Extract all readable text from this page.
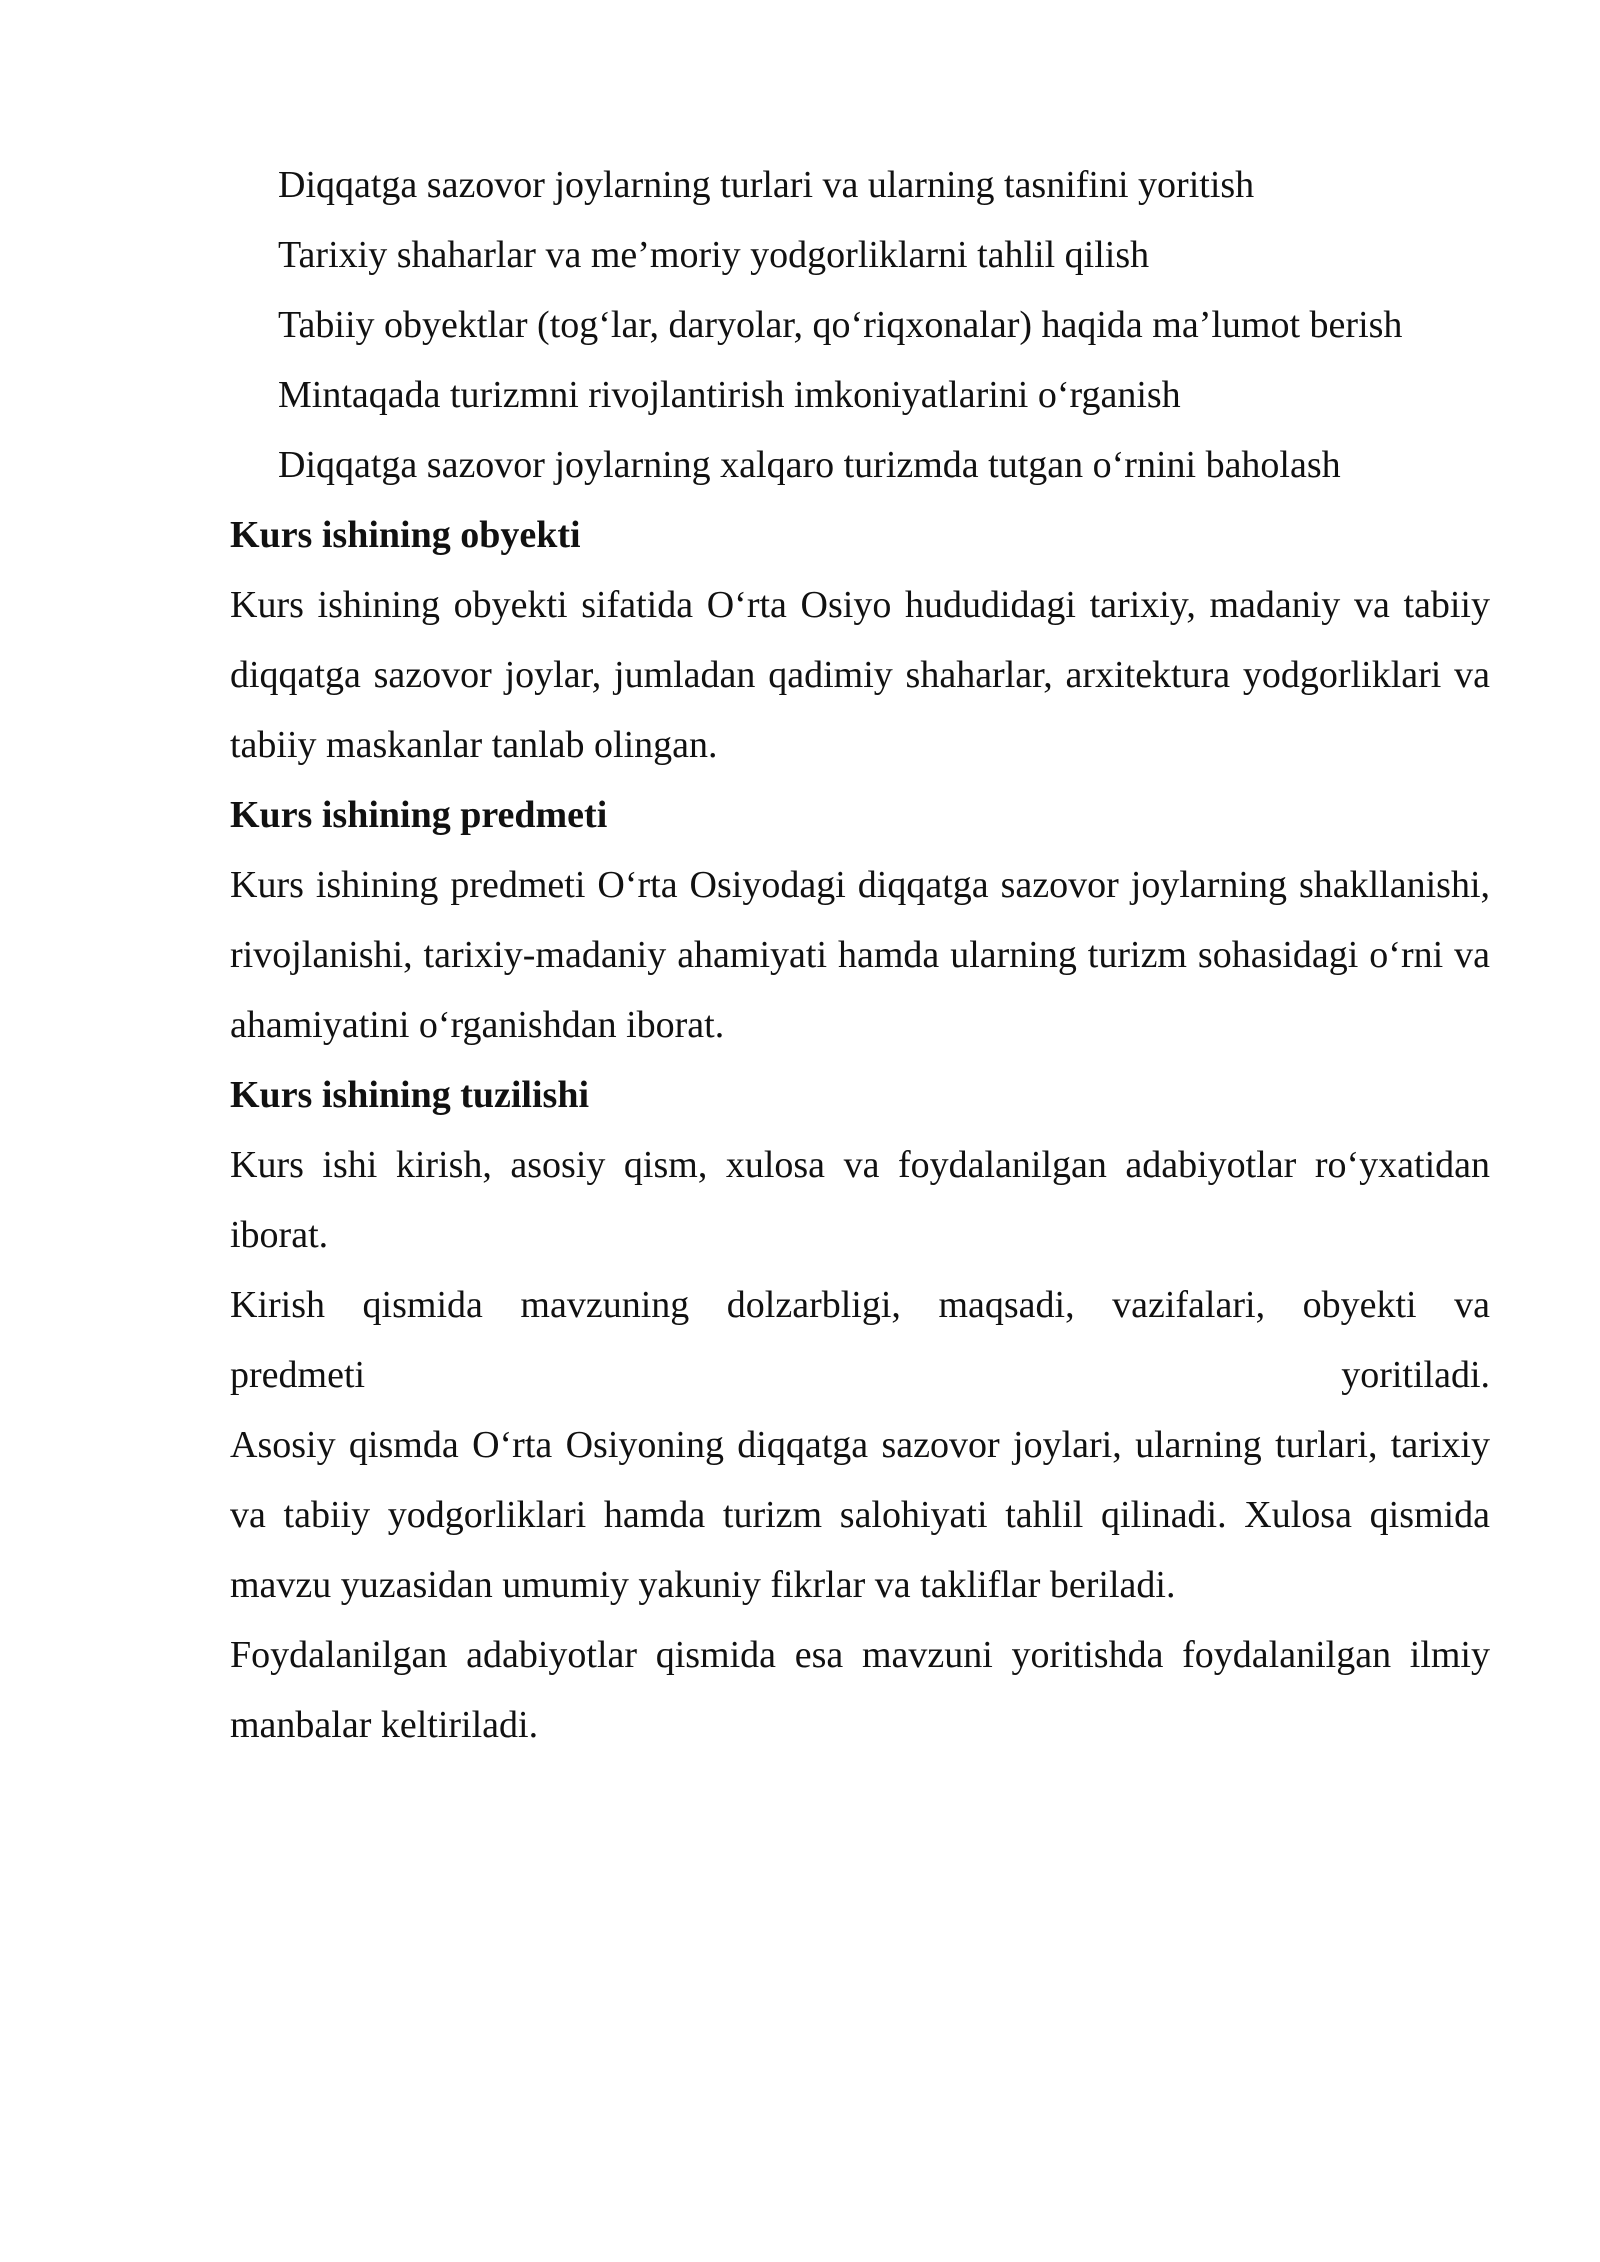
Diqqatga sazovor joylarning turlari va ularning tasnifini yoritish
Tarixiy shaharlar va me’moriy yodgorliklarni tahlil qilish
Tabiiy obyektlar (tog‘lar, daryolar, qo‘riqxonalar) haqida ma’lumot berish
Mintaqada turizmni rivojlantirish imkoniyatlarini o‘rganish
Diqqatga sazovor joylarning xalqaro turizmda tutgan o‘rnini baholash

Kurs ishining obyekti

Kurs ishining obyekti sifatida O‘rta Osiyo hududidagi tarixiy, madaniy va tabiiy diqqatga sazovor joylar, jumladan qadimiy shaharlar, arxitektura yodgorliklari va tabiiy maskanlar tanlab olingan.

Kurs ishining predmeti

Kurs ishining predmeti O‘rta Osiyodagi diqqatga sazovor joylarning shakllanishi, rivojlanishi, tarixiy-madaniy ahamiyati hamda ularning turizm sohasidagi o‘rni va ahamiyatini o‘rganishdan iborat.

Kurs ishining tuzilishi

Kurs ishi kirish, asosiy qism, xulosa va foydalanilgan adabiyotlar ro‘yxatidan iborat.

Kirish qismida mavzuning dolzarbligi, maqsadi, vazifalari, obyekti va

predmeti	yoritiladi.

Asosiy qismda O‘rta Osiyoning diqqatga sazovor joylari, ularning turlari, tarixiy va tabiiy yodgorliklari hamda turizm salohiyati tahlil qilinadi. Xulosa qismida mavzu yuzasidan umumiy yakuniy fikrlar va takliflar beriladi.

Foydalanilgan adabiyotlar qismida esa mavzuni yoritishda foydalanilgan ilmiy manbalar keltiriladi.
